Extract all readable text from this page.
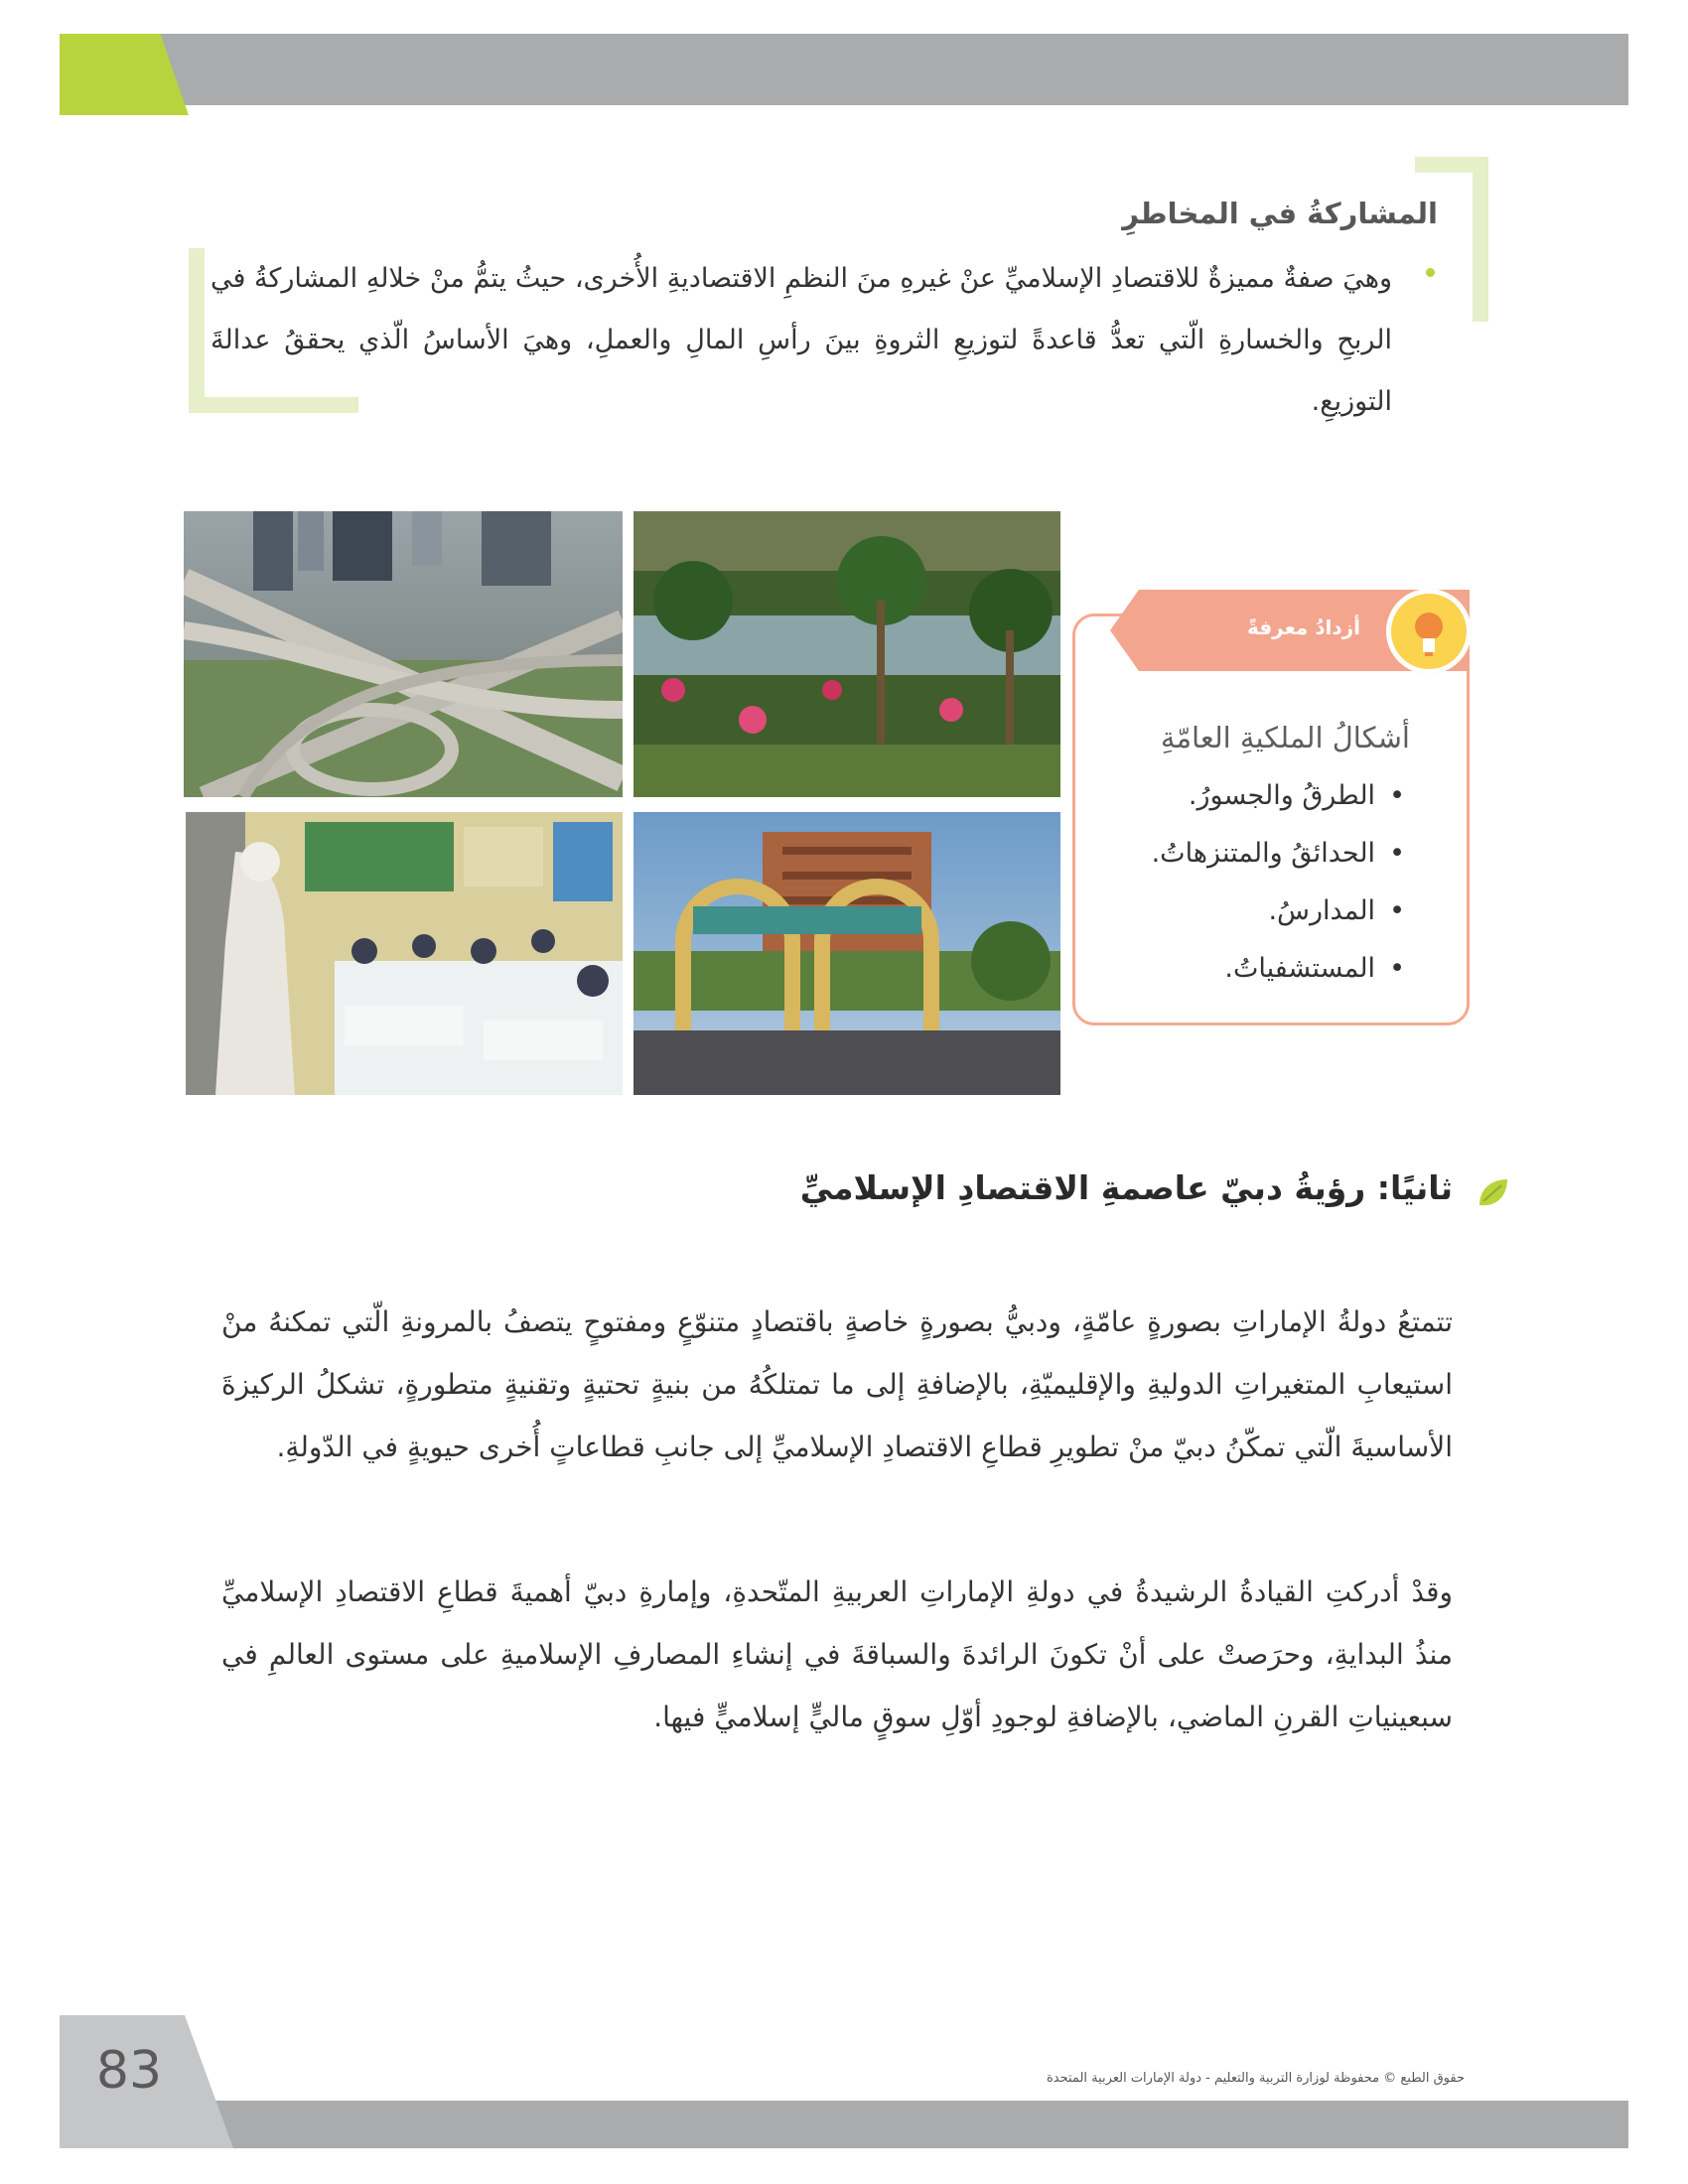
المشاركةُ في المخاطرِ
وهيَ صفةٌ مميزةٌ للاقتصادِ الإسلاميِّ عنْ غيرهِ منَ النظمِ الاقتصاديةِ الأُخرى، حيثُ يتمُّ منْ خلالهِ المشاركةُ في الربحِ والخسارةِ الّتي تعدُّ قاعدةً لتوزيعِ الثروةِ بينَ رأسِ المالِ والعملِ، وهيَ الأساسُ الّذي يحققُ عدالةَ التوزيعِ.
أزدادُ معرفةً
أشكالُ الملكيةِ العامّةِ
• الطرقُ والجسورُ.
• الحدائقُ والمتنزهاتُ.
• المدارسُ.
• المستشفياتُ.
ثانيًا: رؤيةُ دبيّ عاصمةِ الاقتصادِ الإسلاميِّ
تتمتعُ دولةُ الإماراتِ بصورةٍ عامّةٍ، ودبيُّ بصورةٍ خاصةٍ باقتصادٍ متنوّعٍ ومفتوحٍ يتصفُ بالمرونةِ الّتي تمكنهُ منْ استيعابِ المتغيراتِ الدوليةِ والإقليميّةِ، بالإضافةِ إلى ما تمتلكُهُ من بنيةٍ تحتيةٍ وتقنيةٍ متطورةٍ، تشكلُ الركيزةَ الأساسيةَ الّتي تمكّنُ دبيّ منْ تطويرِ قطاعِ الاقتصادِ الإسلاميِّ إلى جانبِ قطاعاتٍ أُخرى حيويةٍ في الدّولةِ.
وقدْ أدركتِ القيادةُ الرشيدةُ في دولةِ الإماراتِ العربيةِ المتّحدةِ، وإمارةِ دبيّ أهميةَ قطاعِ الاقتصادِ الإسلاميِّ منذُ البدايةِ، وحرَصتْ على أنْ تكونَ الرائدةَ والسباقةَ في إنشاءِ المصارفِ الإسلاميةِ على مستوى العالمِ في سبعينياتِ القرنِ الماضي، بالإضافةِ لوجودِ أوّلِ سوقٍ ماليٍّ إسلاميٍّ فيها.
83	حقوق الطبع © محفوظة لوزارة التربية والتعليم - دولة الإمارات العربية المتحدة
